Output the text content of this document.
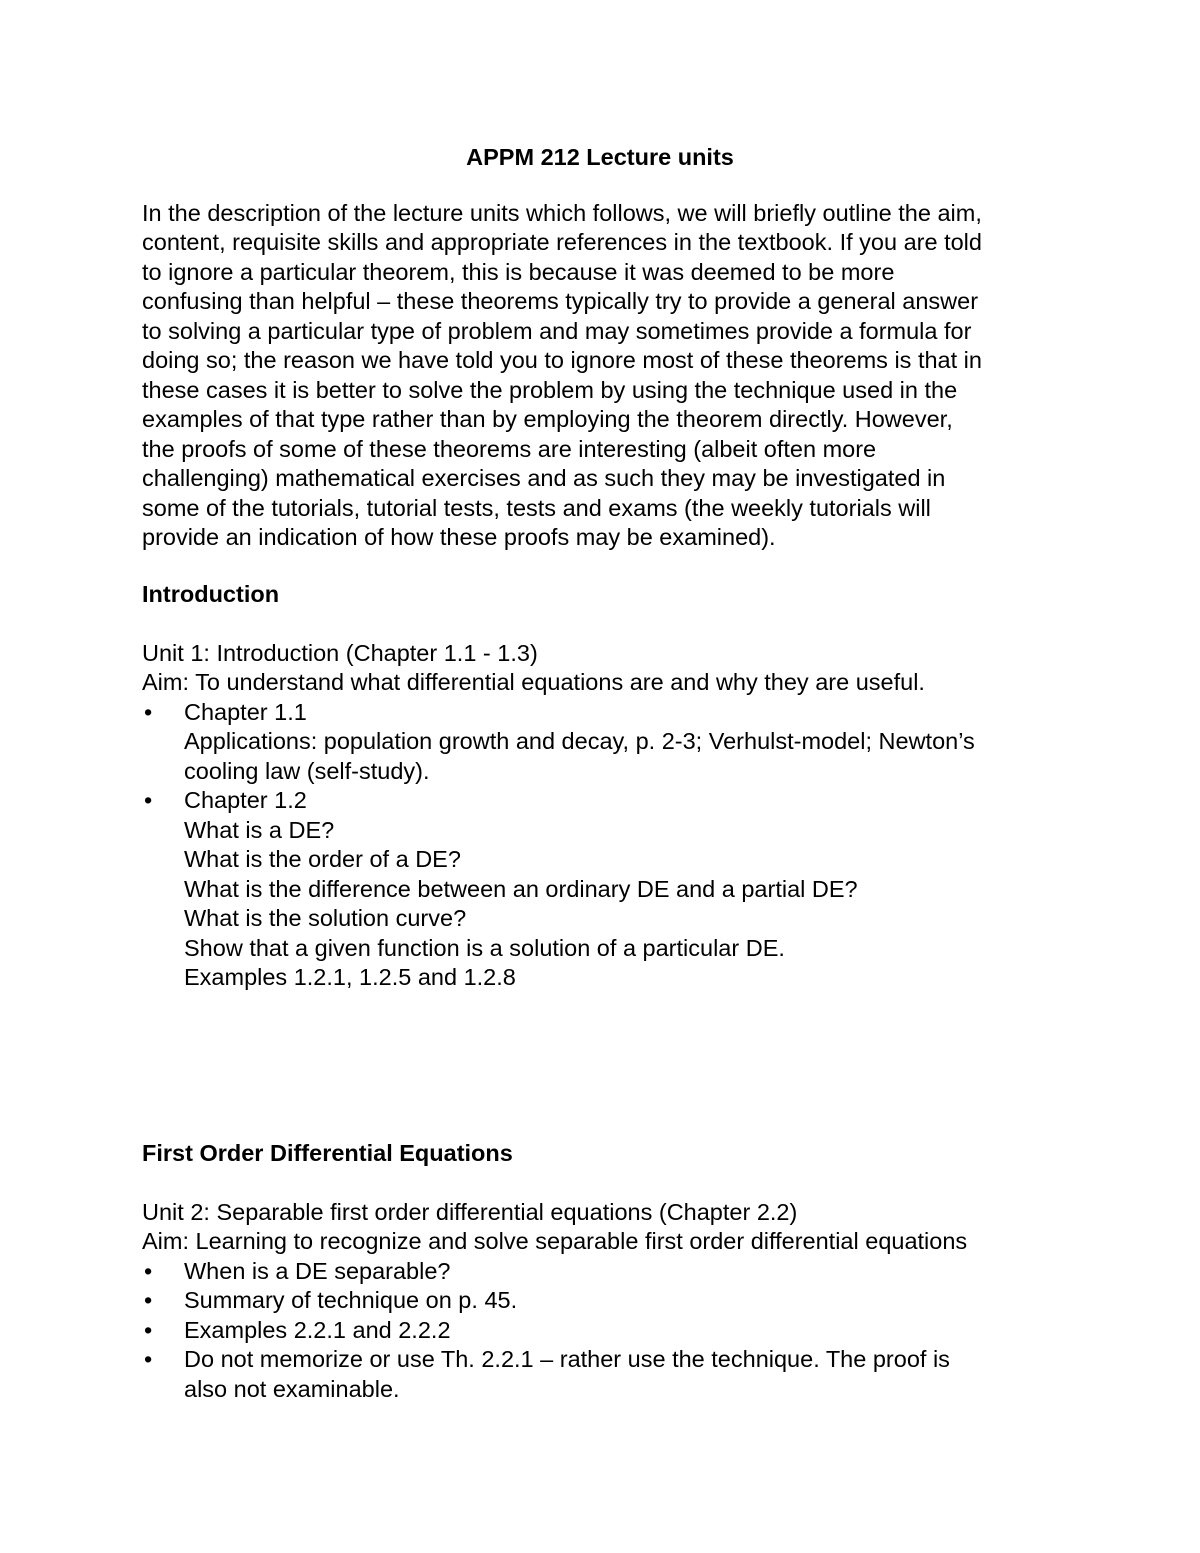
APPM 212 Lecture units
In the description of the lecture units which follows, we will briefly outline the aim,
content, requisite skills and appropriate references in the textbook. If you are told
to ignore a particular theorem, this is because it was deemed to be more
confusing than helpful – these theorems typically try to provide a general answer
to solving a particular type of problem and may sometimes provide a formula for
doing so; the reason we have told you to ignore most of these theorems is that in
these cases it is better to solve the problem by using the technique used in the
examples of that type rather than by employing the theorem directly. However,
the proofs of some of these theorems are interesting (albeit often more
challenging) mathematical exercises and as such they may be investigated in
some of the tutorials, tutorial tests, tests and exams (the weekly tutorials will
provide an indication of how these proofs may be examined).
Introduction

Unit 1: Introduction (Chapter 1.1 - 1.3)

Aim: To understand what differential equations are and why they are useful.

•	Chapter 1.1
Applications: population growth and decay, p. 2-3; Verhulst-model; Newton’s
cooling law (self-study).
•	Chapter 1.2
What is a DE?
What is the order of a DE?
What is the difference between an ordinary DE and a partial DE?
What is the solution curve?
Show that a given function is a solution of a particular DE.
Examples 1.2.1, 1.2.5 and 1.2.8
First Order Differential Equations

Unit 2: Separable first order differential equations (Chapter 2.2)

Aim: Learning to recognize and solve separable first order differential equations

•	When is a DE separable?
•	Summary of technique on p. 45.
•	Examples 2.2.1 and 2.2.2
•	Do not memorize or use Th. 2.2.1 – rather use the technique. The proof is
also not examinable.
